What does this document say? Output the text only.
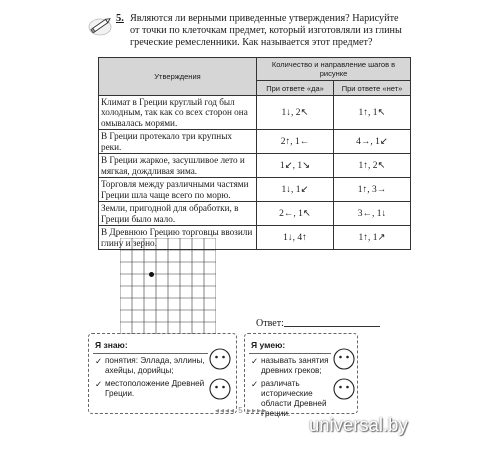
5. Являются ли верными приведенные утверждения? Нарисуйте от точки по клеточкам предмет, который изготовляли из глины греческие ремесленники. Как называется этот предмет?
Утверждения	Количество и направление шагов в рисунке	
	При ответе «да»	При ответе «нет»
Климат в Греции круглый год был холодным, так как со всех сторон она омывалась морями.	1↓, 2↖	1↑, 1↖
В Греции протекало три крупных реки.	2↑, 1←	4→, 1↙
В Греции жаркое, засушливое лето и мягкая, дождливая зима.	1↙, 1↘	1↑, 2↖
Торговля между различными частями Греции шла чаще всего по морю.	1↓, 1↙	1↑, 3→
Земли, пригодной для обработки, в Греции было мало.	2←, 1↖	3←, 1↓
В Древнюю Грецию торговцы ввозили глину и зерно.	1↓, 4↑	1↑, 1↗
Ответ:
Я знаю:
✓ понятия: Эллада, эллины, ахейцы, дорийцы;
✓ местоположение Древней Греции.
Я умею:
✓ называть занятия древних греков;
✓ различать исторические области Древней Греции.
◂◂◂◂ 5 ▸▸▸▸
universal.by
